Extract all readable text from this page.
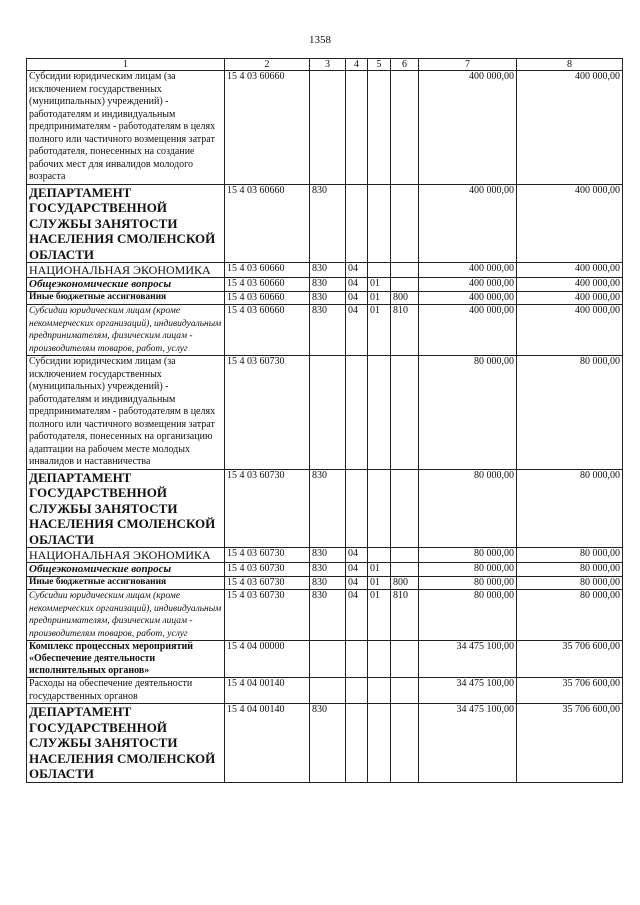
1358
1	2	3	4	5	6	7	8
Субсидии юридическим лицам (за исключением государственных (муниципальных) учреждений) - работодателям и индивидуальным предпринимателям - работодателям в целях полного или частичного возмещения затрат работодателя, понесенных на создание рабочих мест для инвалидов молодого возраста	15 4 03 60660					400 000,00	400 000,00
ДЕПАРТАМЕНТ ГОСУДАРСТВЕННОЙ СЛУЖБЫ ЗАНЯТОСТИ НАСЕЛЕНИЯ СМОЛЕНСКОЙ ОБЛАСТИ	15 4 03 60660	830				400 000,00	400 000,00
НАЦИОНАЛЬНАЯ ЭКОНОМИКА	15 4 03 60660	830	04			400 000,00	400 000,00
Общеэкономические вопросы	15 4 03 60660	830	04	01		400 000,00	400 000,00
Иные бюджетные ассигнования	15 4 03 60660	830	04	01	800	400 000,00	400 000,00
Субсидии юридическим лицам (кроме некоммерческих организаций), индивидуальным предпринимателям, физическим лицам - производителям товаров, работ, услуг	15 4 03 60660	830	04	01	810	400 000,00	400 000,00
Субсидии юридическим лицам (за исключением государственных (муниципальных) учреждений) - работодателям и индивидуальным предпринимателям - работодателям в целях полного или частичного возмещения затрат работодателя, понесенных на организацию адаптации на рабочем месте молодых инвалидов и наставничества	15 4 03 60730					80 000,00	80 000,00
ДЕПАРТАМЕНТ ГОСУДАРСТВЕННОЙ СЛУЖБЫ ЗАНЯТОСТИ НАСЕЛЕНИЯ СМОЛЕНСКОЙ ОБЛАСТИ	15 4 03 60730	830				80 000,00	80 000,00
НАЦИОНАЛЬНАЯ ЭКОНОМИКА	15 4 03 60730	830	04			80 000,00	80 000,00
Общеэкономические вопросы	15 4 03 60730	830	04	01		80 000,00	80 000,00
Иные бюджетные ассигнования	15 4 03 60730	830	04	01	800	80 000,00	80 000,00
Субсидии юридическим лицам (кроме некоммерческих организаций), индивидуальным предпринимателям, физическим лицам - производителям товаров, работ, услуг	15 4 03 60730	830	04	01	810	80 000,00	80 000,00
Комплекс процессных мероприятий «Обеспечение деятельности исполнительных органов»	15 4 04 00000					34 475 100,00	35 706 600,00
Расходы на обеспечение деятельности государственных органов	15 4 04 00140					34 475 100,00	35 706 600,00
ДЕПАРТАМЕНТ ГОСУДАРСТВЕННОЙ СЛУЖБЫ ЗАНЯТОСТИ НАСЕЛЕНИЯ СМОЛЕНСКОЙ ОБЛАСТИ	15 4 04 00140	830				34 475 100,00	35 706 600,00
